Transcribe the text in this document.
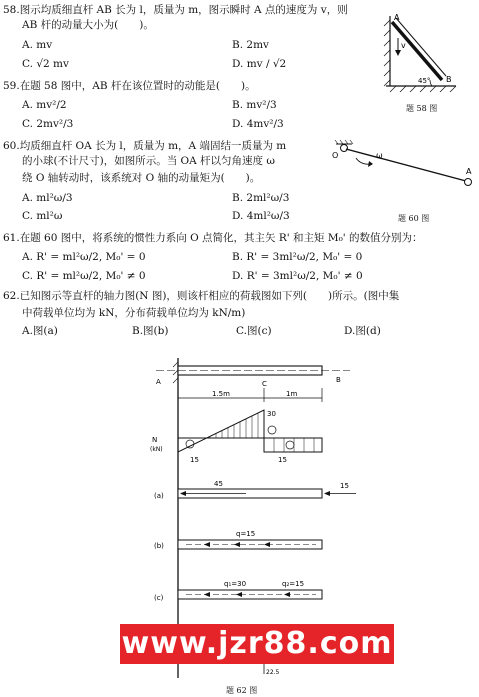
58.图示均质细直杆 AB 长为 l，质量为 m，图示瞬时 A 点的速度为 v，则
AB 杆的动量大小为(　　)。
A. mv	B. 2mv
C. √2 mv	D. mv / √2
A
v
45° B
题 58 图
59.在题 58 图中，AB 杆在该位置时的动能是(　　)。
A. mv²/2	B. mv²/3
C. 2mv²/3	D. 4mv²/3
60.均质细直杆 OA 长为 l，质量为 m，A 端固结一质量为 m
的小球(不计尺寸)，如图所示。当 OA 杆以匀角速度 ω
绕 O 轴转动时，该系统对 O 轴的动量矩为(　　)。
A. ml²ω/3	B. 2ml²ω/3
C. ml²ω	D. 4ml²ω/3
O	ω
A
题 60 图
61.在题 60 图中，将系统的惯性力系向 O 点简化，其主矢 R' 和主矩 M₀' 的数值分别为：
A. R' = ml²ω/2, M₀' = 0	B. R' = 3ml²ω/2, M₀' = 0
C. R' = ml²ω/2, M₀' ≠ 0	D. R' = 3ml²ω/2, M₀' ≠ 0
62.已知图示等直杆的轴力图(N 图)，则该杆相应的荷载图如下列(　　)所示。(图中集
中荷载单位均为 kN，分布荷载单位均为 kN/m)
A.图(a)	B.图(b)	C.图(c)	D.图(d)
A	B
C
1.5m	1m
N
(kN)
30
15	15
(a)
45	15
(b)
q=15
(c)
q₁=30	q₂=15
22.5
www.jzr88.com
题 62 图
